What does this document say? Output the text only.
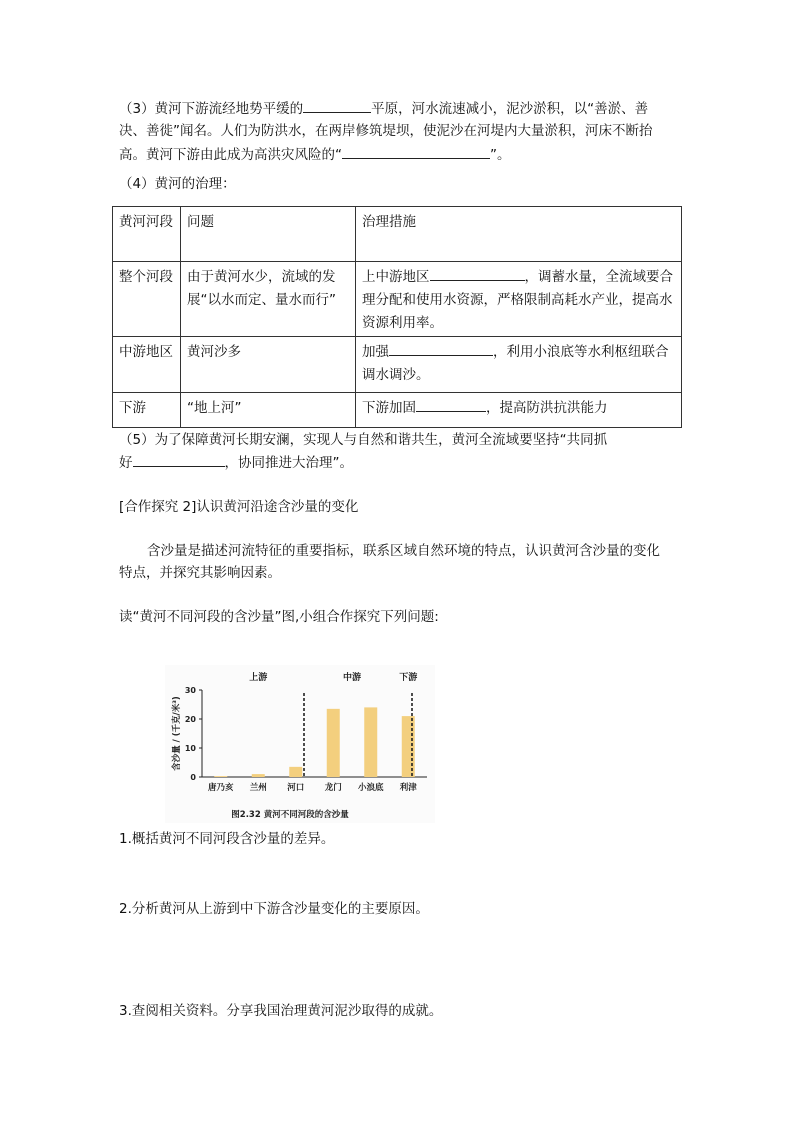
（3）黄河下游流经地势平缓的	平原，河水流速减小，泥沙淤积，以“善淤、善
决、善徙”闻名。人们为防洪水，在两岸修筑堤坝，使泥沙在河堤内大量淤积，河床不断抬
高。黄河下游由此成为高洪灾风险的“	”。
（4）黄河的治理：
黄河河段	问题	治理措施
整个河段	由于黄河水少，流域的发展“以水而定、量水而行”	上中游地区 ，调蓄水量，全流域要合理分配和使用水资源，严格限制高耗水产业，提高水资源利用率。
中游地区	黄河沙多	加强 ，利用小浪底等水利枢纽联合调水调沙。
下游	“地上河”	下游加固 ，提高防洪抗洪能力
（5）为了保障黄河长期安澜，实现人与自然和谐共生，黄河全流域要坚持“共同抓
好	，协同推进大治理”。
[合作探究 2]认识黄河沿途含沙量的变化
含沙量是描述河流特征的重要指标，联系区域自然环境的特点，认识黄河含沙量的变化
特点，并探究其影响因素。
读“黄河不同河段的含沙量”图,小组合作探究下列问题:
0
10
20
30
含沙量 / (千克/米³)
唐乃亥 兰州 河口 龙门 小浪底 利津
上游	中游	下游
图2.32 黄河不同河段的含沙量
1.概括黄河不同河段含沙量的差异。
2.分析黄河从上游到中下游含沙量变化的主要原因。
3.查阅相关资料。分享我国治理黄河泥沙取得的成就。
